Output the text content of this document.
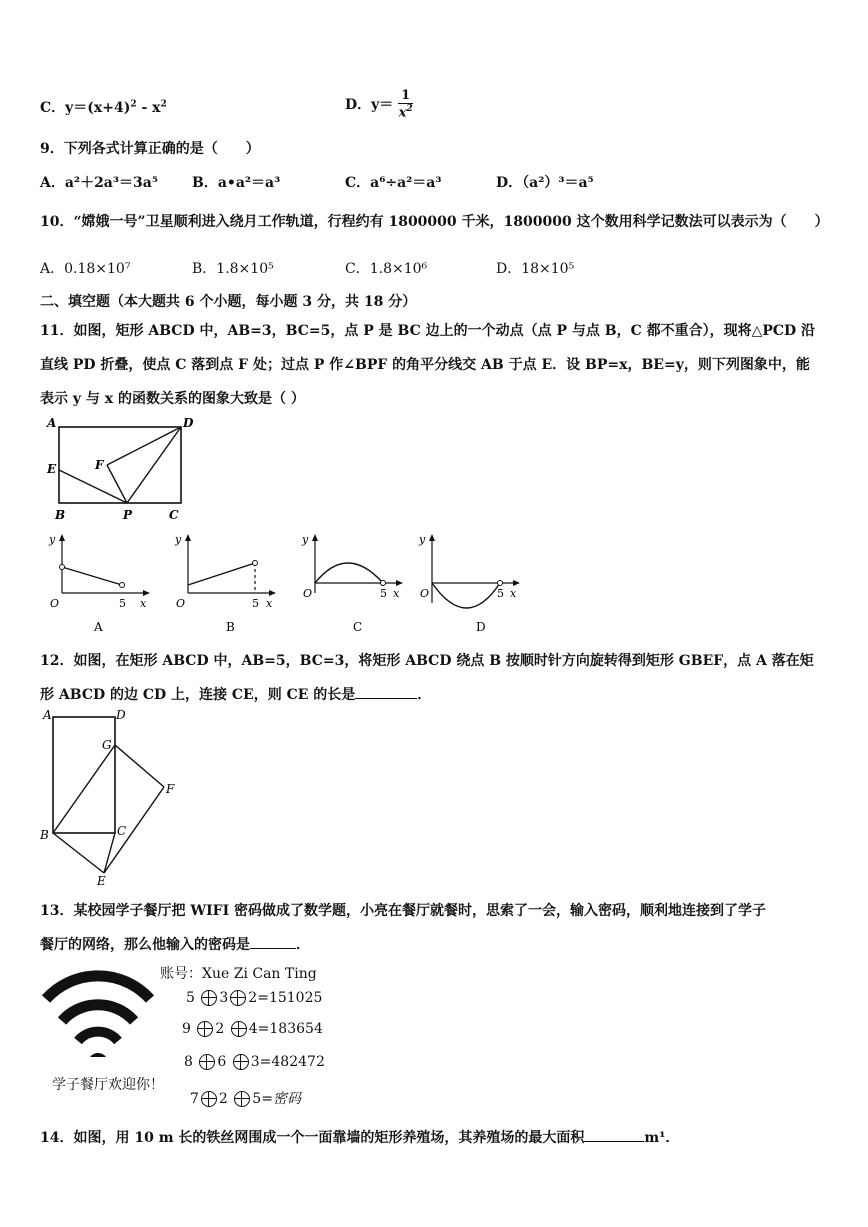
C．$y=(x+4)^2 - x^2$	D．$y= \frac{1}{x^2}$
9．下列各式计算正确的是（　　）
A．a²＋2a³＝3a⁵ B．a•a²＝a³	C．a⁶÷a²＝a³	D．（a²）³＝a⁵
10．“嫦娥一号”卫星顺利进入绕月工作轨道，行程约有 1800000 千米，1800000 这个数用科学记数法可以表示为（　　）
A．0.18×10⁷	B．1.8×10⁵	C．1.8×10⁶	D．18×10⁵
二、填空题（本大题共 6 个小题，每小题 3 分，共 18 分）
11．如图，矩形 ABCD 中，AB=3，BC=5，点 P 是 BC 边上的一个动点（点 P 与点 B，C 都不重合），现将△PCD 沿
直线 PD 折叠，使点 C 落到点 F 处；过点 P 作∠BPF 的角平分线交 AB 于点 E．设 BP=x，BE=y，则下列图象中，能
表示 y 与 x 的函数关系的图象大致是（ ）
A	D
E	F
B	P	C
y
O	5 x
A
y
O	5 x
B
y
O	5 x
C
y
O	5 x
D
12．如图，在矩形 ABCD 中，AB=5，BC=3，将矩形 ABCD 绕点 B 按顺时针方向旋转得到矩形 GBEF，点 A 落在矩
形 ABCD 的边 CD 上，连接 CE，则 CE 的长是	．
A	D
G
F
B	C
E
13．某校园学子餐厅把 WIFI 密码做成了数学题，小亮在餐厅就餐时，思索了一会，输入密码，顺利地连接到了学子
餐厅的网络，那么他输入的密码是	．
学子餐厅欢迎你！
账号：Xue Zi Can Ting
5 3 2=151025
9 2 4=183654
8 6 3=482472
7 2 5=密码
14．如图，用 10 m 长的铁丝网围成一个一面靠墙的矩形养殖场，其养殖场的最大面积	m¹．
